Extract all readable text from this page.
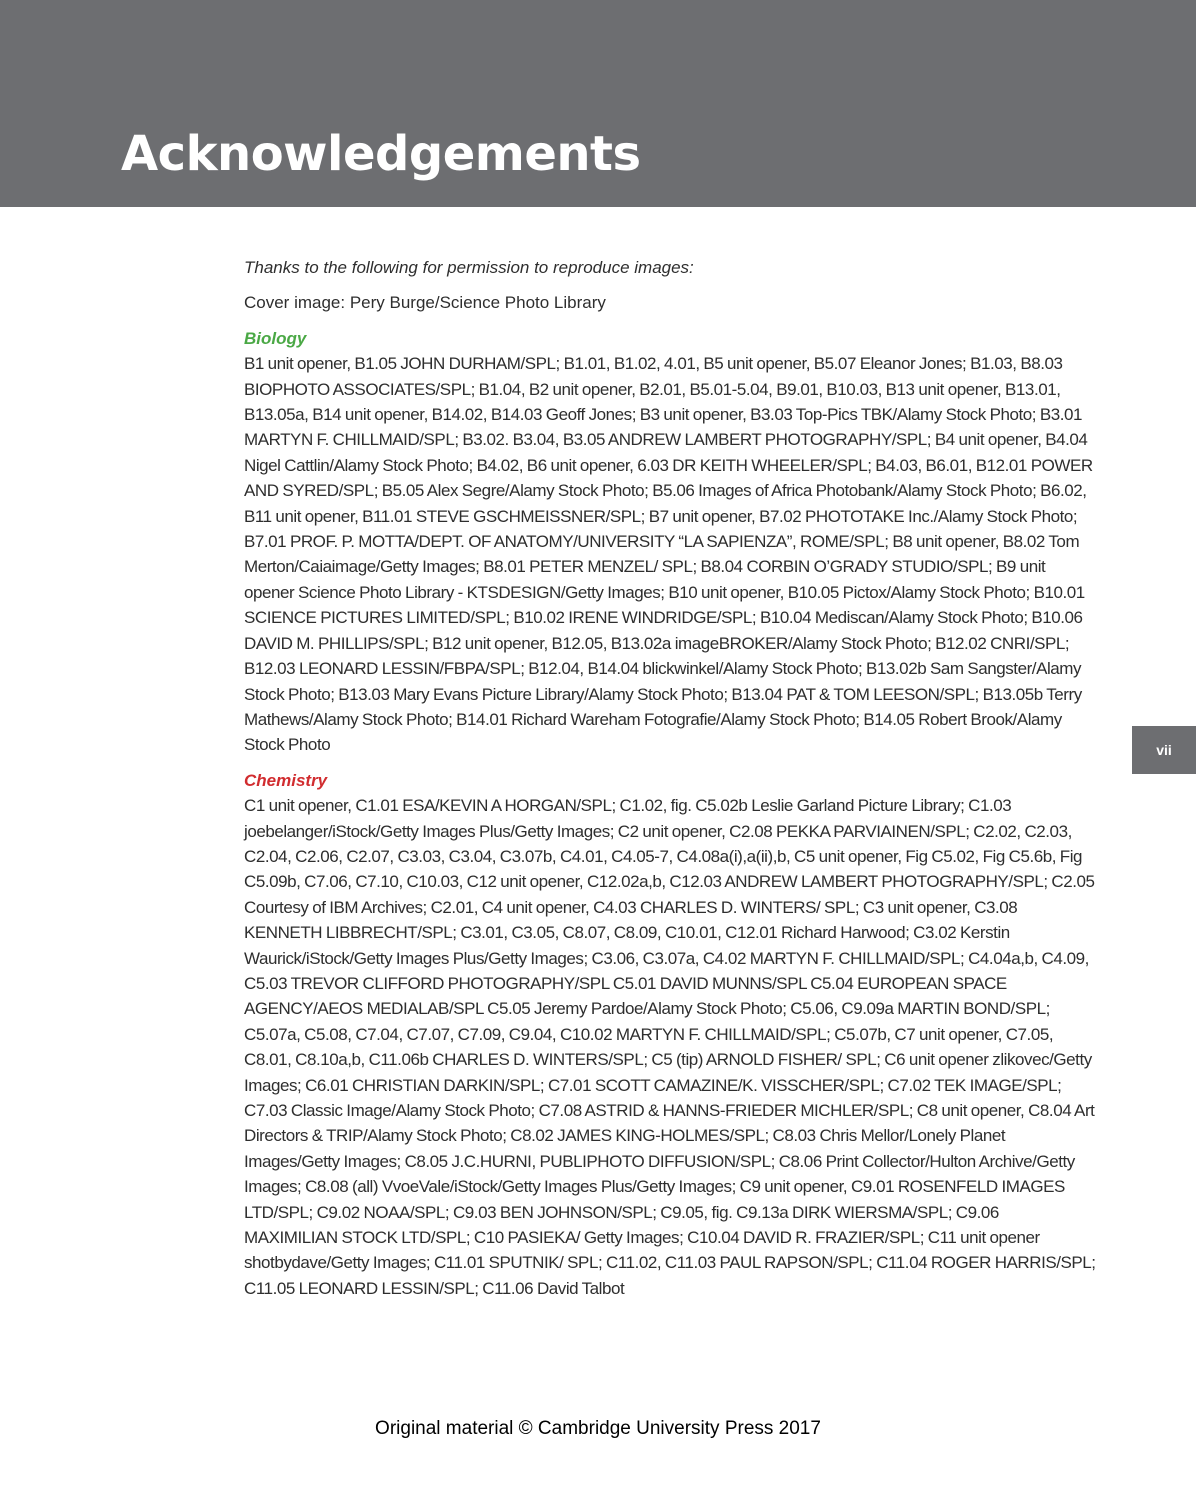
Acknowledgements

Thanks to the following for permission to reproduce images:

Cover image: Pery Burge/Science Photo Library

Biology

B1 unit opener, B1.05 JOHN DURHAM/SPL; B1.01, B1.02, 4.01, B5 unit opener, B5.07 Eleanor Jones; B1.03, B8.03 BIOPHOTO ASSOCIATES/SPL; B1.04, B2 unit opener, B2.01, B5.01-5.04, B9.01, B10.03, B13 unit opener, B13.01, B13.05a, B14 unit opener, B14.02, B14.03 Geoff Jones; B3 unit opener, B3.03 Top-Pics TBK/Alamy Stock Photo; B3.01 MARTYN F. CHILLMAID/SPL; B3.02. B3.04, B3.05 ANDREW LAMBERT PHOTOGRAPHY/SPL; B4 unit opener, B4.04 Nigel Cattlin/Alamy Stock Photo; B4.02, B6 unit opener, 6.03 DR KEITH WHEELER/SPL; B4.03, B6.01, B12.01 POWER AND SYRED/SPL; B5.05 Alex Segre/Alamy Stock Photo; B5.06 Images of Africa Photobank/Alamy Stock Photo; B6.02, B11 unit opener, B11.01 STEVE GSCHMEISSNER/SPL; B7 unit opener, B7.02 PHOTOTAKE Inc./Alamy Stock Photo; B7.01 PROF. P. MOTTA/DEPT. OF ANATOMY/UNIVERSITY “LA SAPIENZA”, ROME/SPL; B8 unit opener, B8.02 Tom Merton/Caiaimage/Getty Images; B8.01 PETER MENZEL/ SPL; B8.04 CORBIN O’GRADY STUDIO/SPL; B9 unit opener Science Photo Library - KTSDESIGN/Getty Images; B10 unit opener, B10.05 Pictox/Alamy Stock Photo; B10.01 SCIENCE PICTURES LIMITED/SPL; B10.02 IRENE WINDRIDGE/SPL; B10.04 Mediscan/Alamy Stock Photo; B10.06 DAVID M. PHILLIPS/SPL; B12 unit opener, B12.05, B13.02a imageBROKER/Alamy Stock Photo; B12.02 CNRI/SPL; B12.03 LEONARD LESSIN/FBPA/SPL; B12.04, B14.04 blickwinkel/Alamy Stock Photo; B13.02b Sam Sangster/Alamy Stock Photo; B13.03 Mary Evans Picture Library/Alamy Stock Photo; B13.04 PAT & TOM LEESON/SPL; B13.05b Terry Mathews/Alamy Stock Photo; B14.01 Richard Wareham Fotografie/Alamy Stock Photo; B14.05 Robert Brook/Alamy Stock Photo

Chemistry

C1 unit opener, C1.01 ESA/KEVIN A HORGAN/SPL; C1.02, fig. C5.02b Leslie Garland Picture Library; C1.03 joebelanger/iStock/Getty Images Plus/Getty Images; C2 unit opener, C2.08 PEKKA PARVIAINEN/SPL; C2.02, C2.03, C2.04, C2.06, C2.07, C3.03, C3.04, C3.07b, C4.01, C4.05-7, C4.08a(i),a(ii),b, C5 unit opener, Fig C5.02, Fig C5.6b, Fig C5.09b, C7.06, C7.10, C10.03, C12 unit opener, C12.02a,b, C12.03 ANDREW LAMBERT PHOTOGRAPHY/SPL; C2.05 Courtesy of IBM Archives; C2.01, C4 unit opener, C4.03 CHARLES D. WINTERS/ SPL; C3 unit opener, C3.08 KENNETH LIBBRECHT/SPL; C3.01, C3.05, C8.07, C8.09, C10.01, C12.01 Richard Harwood; C3.02 Kerstin Waurick/iStock/Getty Images Plus/Getty Images; C3.06, C3.07a, C4.02 MARTYN F. CHILLMAID/SPL; C4.04a,b, C4.09, C5.03 TREVOR CLIFFORD PHOTOGRAPHY/SPL C5.01 DAVID MUNNS/SPL C5.04 EUROPEAN SPACE AGENCY/AEOS MEDIALAB/SPL C5.05 Jeremy Pardoe/Alamy Stock Photo; C5.06, C9.09a MARTIN BOND/SPL; C5.07a, C5.08, C7.04, C7.07, C7.09, C9.04, C10.02 MARTYN F. CHILLMAID/SPL; C5.07b, C7 unit opener, C7.05, C8.01, C8.10a,b, C11.06b CHARLES D. WINTERS/SPL; C5 (tip) ARNOLD FISHER/ SPL; C6 unit opener zlikovec/Getty Images; C6.01 CHRISTIAN DARKIN/SPL; C7.01 SCOTT CAMAZINE/K. VISSCHER/SPL; C7.02 TEK IMAGE/SPL; C7.03 Classic Image/Alamy Stock Photo; C7.08 ASTRID & HANNS-FRIEDER MICHLER/SPL; C8 unit opener, C8.04 Art Directors & TRIP/Alamy Stock Photo; C8.02 JAMES KING-HOLMES/SPL; C8.03 Chris Mellor/Lonely Planet Images/Getty Images; C8.05 J.C.HURNI, PUBLIPHOTO DIFFUSION/SPL; C8.06 Print Collector/Hulton Archive/Getty Images; C8.08 (all) VvoeVale/iStock/Getty Images Plus/Getty Images; C9 unit opener, C9.01 ROSENFELD IMAGES LTD/SPL; C9.02 NOAA/SPL; C9.03 BEN JOHNSON/SPL; C9.05, fig. C9.13a DIRK WIERSMA/SPL; C9.06 MAXIMILIAN STOCK LTD/SPL; C10 PASIEKA/ Getty Images; C10.04 DAVID R. FRAZIER/SPL; C11 unit opener shotbydave/Getty Images; C11.01 SPUTNIK/ SPL; C11.02, C11.03 PAUL RAPSON/SPL; C11.04 ROGER HARRIS/SPL; C11.05 LEONARD LESSIN/SPL; C11.06 David Talbot

vii
Original material © Cambridge University Press 2017
